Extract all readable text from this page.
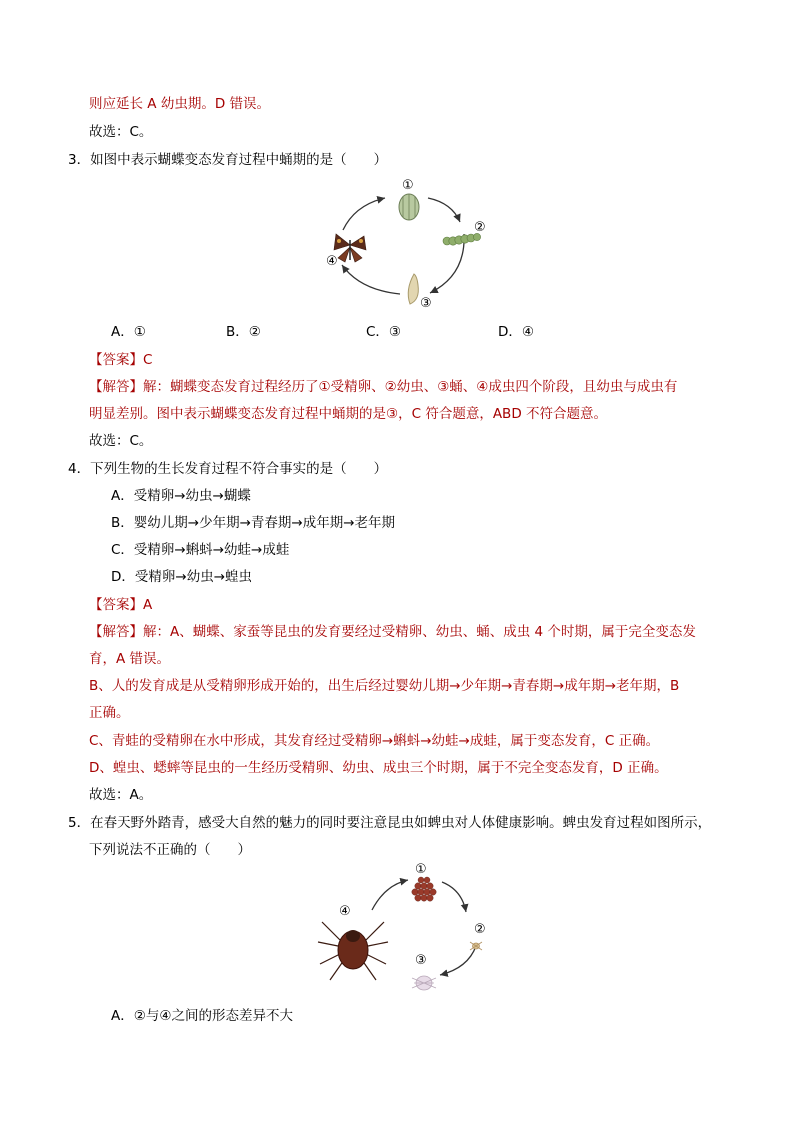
则应延长 A 幼虫期。D 错误。
故选：C。
3．如图中表示蝴蝶变态发育过程中蛹期的是（　　）
①
②
③
④
A．①	B．②	C．③	D．④
【答案】C
【解答】解：蝴蝶变态发育过程经历了①受精卵、②幼虫、③蛹、④成虫四个阶段，且幼虫与成虫有
明显差别。图中表示蝴蝶变态发育过程中蛹期的是③，C 符合题意，ABD 不符合题意。
故选：C。
4．下列生物的生长发育过程不符合事实的是（　　）
A．受精卵→幼虫→蝴蝶
B．婴幼儿期→少年期→青春期→成年期→老年期
C．受精卵→蝌蚪→幼蛙→成蛙
D．受精卵→幼虫→蝗虫
【答案】A
【解答】解：A、蝴蝶、家蚕等昆虫的发育要经过受精卵、幼虫、蛹、成虫 4 个时期，属于完全变态发
育，A 错误。
B、人的发育成是从受精卵形成开始的，出生后经过婴幼儿期→少年期→青春期→成年期→老年期，B
正确。
C、青蛙的受精卵在水中形成，其发育经过受精卵→蝌蚪→幼蛙→成蛙，属于变态发育，C 正确。
D、蝗虫、蟋蟀等昆虫的一生经历受精卵、幼虫、成虫三个时期，属于不完全变态发育，D 正确。
故选：A。
5．在春天野外踏青，感受大自然的魅力的同时要注意昆虫如蜱虫对人体健康影响。蜱虫发育过程如图所示，
下列说法不正确的（　　）
①
②
③
④
A．②与④之间的形态差异不大
